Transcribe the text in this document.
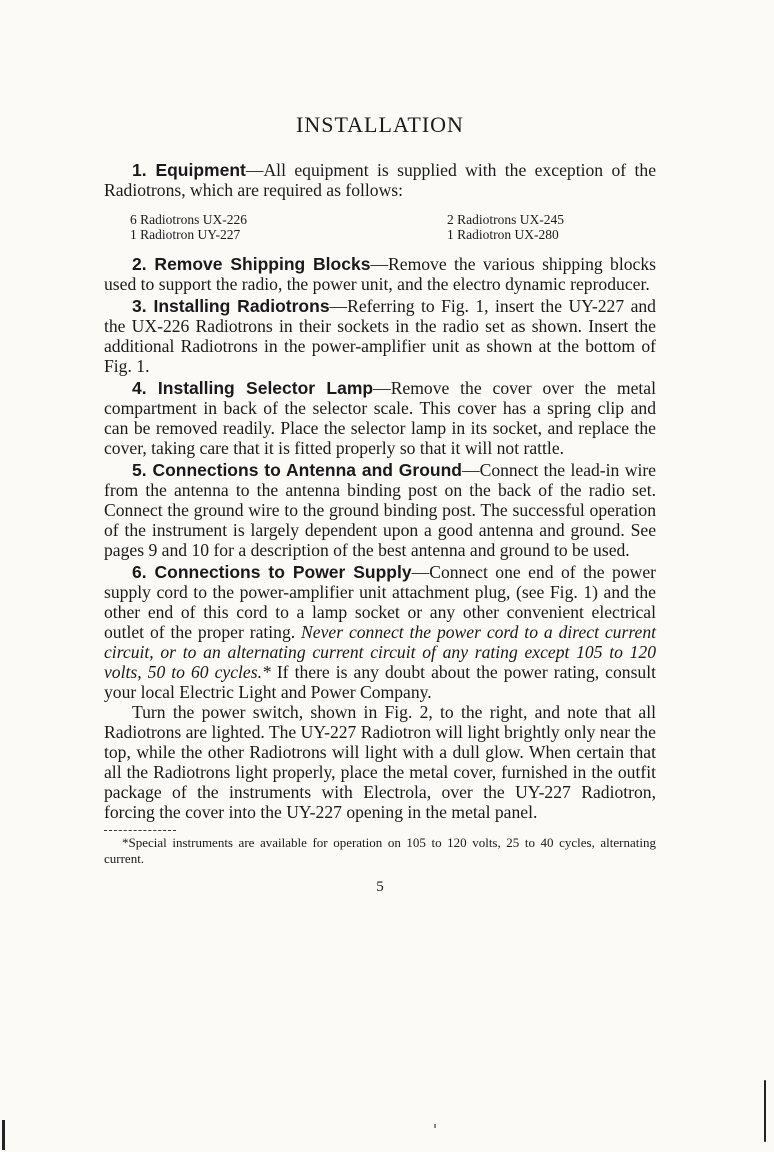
INSTALLATION

1. Equipment—All equipment is supplied with the exception of the Radiotrons, which are required as follows:

6 Radiotrons UX-226
1 Radiotron UY-227
2 Radiotrons UX-245
1 Radiotron UX-280

2. Remove Shipping Blocks—Remove the various shipping blocks used to support the radio, the power unit, and the electro dynamic reproducer.

3. Installing Radiotrons—Referring to Fig. 1, insert the UY-227 and the UX-226 Radiotrons in their sockets in the radio set as shown. Insert the additional Radiotrons in the power-amplifier unit as shown at the bottom of Fig. 1.

4. Installing Selector Lamp—Remove the cover over the metal compartment in back of the selector scale. This cover has a spring clip and can be removed readily. Place the selector lamp in its socket, and replace the cover, taking care that it is fitted properly so that it will not rattle.

5. Connections to Antenna and Ground—Connect the lead-in wire from the antenna to the antenna binding post on the back of the radio set. Connect the ground wire to the ground binding post. The successful operation of the instrument is largely dependent upon a good antenna and ground. See pages 9 and 10 for a description of the best antenna and ground to be used.

6. Connections to Power Supply—Connect one end of the power supply cord to the power-amplifier unit attachment plug, (see Fig. 1) and the other end of this cord to a lamp socket or any other convenient electrical outlet of the proper rating. Never connect the power cord to a direct current circuit, or to an alternating current circuit of any rating except 105 to 120 volts, 50 to 60 cycles.* If there is any doubt about the power rating, consult your local Electric Light and Power Company.

Turn the power switch, shown in Fig. 2, to the right, and note that all Radiotrons are lighted. The UY-227 Radiotron will light brightly only near the top, while the other Radiotrons will light with a dull glow. When certain that all the Radiotrons light properly, place the metal cover, furnished in the outfit package of the instruments with Electrola, over the UY-227 Radiotron, forcing the cover into the UY-227 opening in the metal panel.

*Special instruments are available for operation on 105 to 120 volts, 25 to 40 cycles, alternating current.

5
